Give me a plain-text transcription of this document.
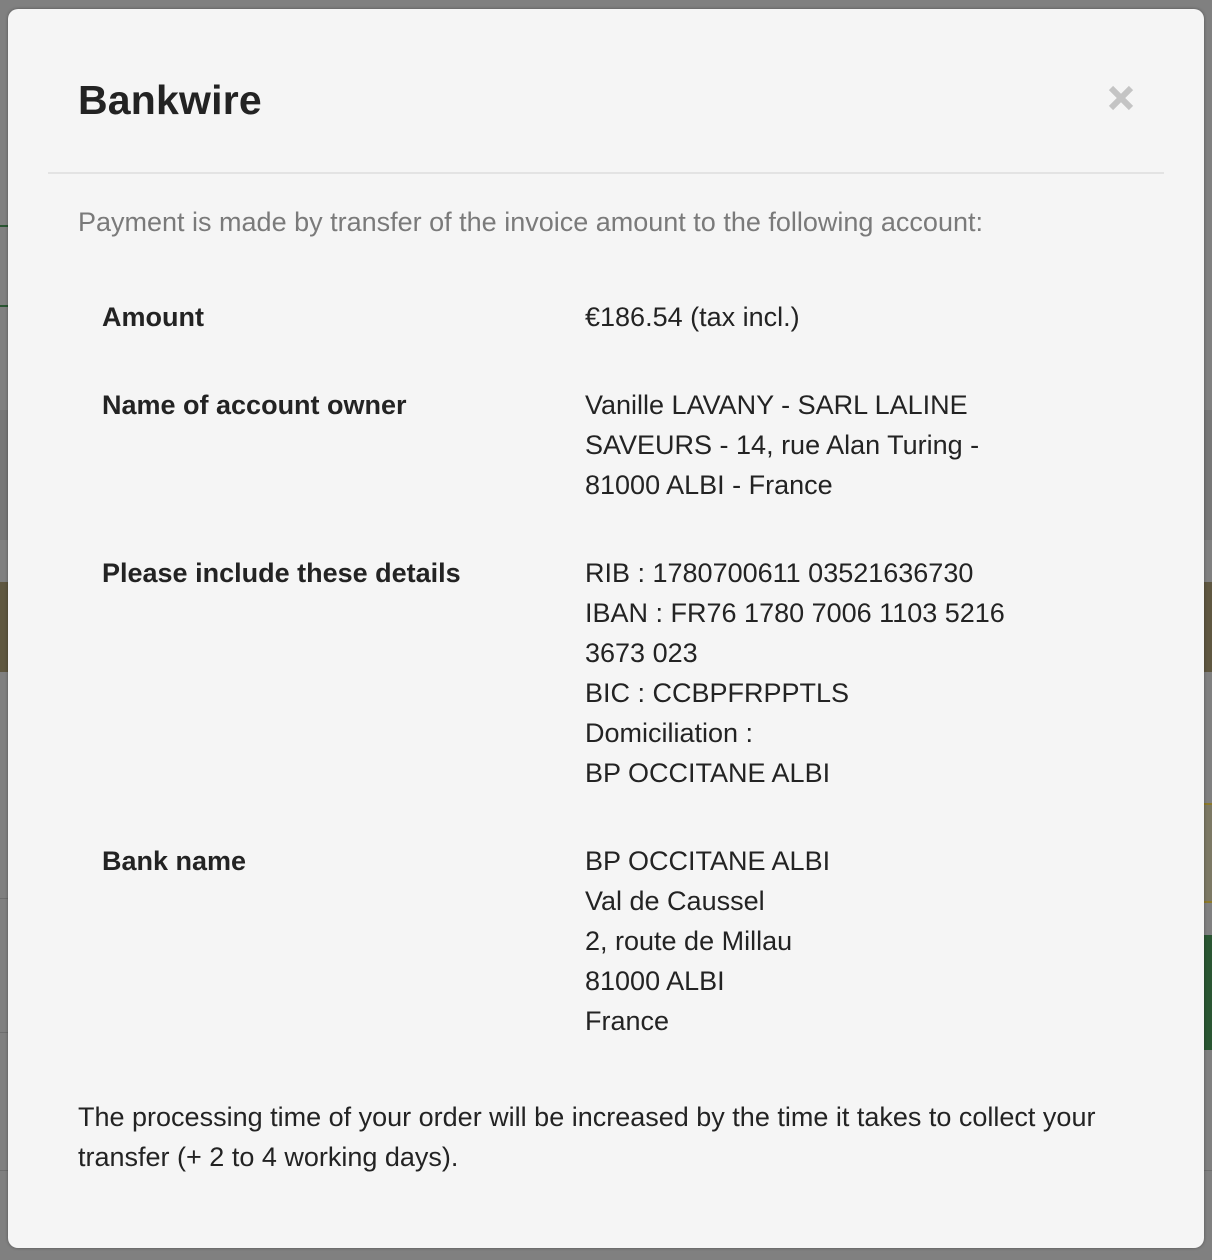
Bankwire

Payment is made by transfer of the invoice amount to the following account:

Amount	€186.54 (tax incl.)
Name of account owner	Vanille LAVANY - SARL LALINE
SAVEURS - 14, rue Alan Turing -
81000 ALBI - France
Please include these details	RIB : 1780700611 03521636730
IBAN : FR76 1780 7006 1103 5216
3673 023
BIC : CCBPFRPPTLS
Domiciliation :
BP OCCITANE ALBI
Bank name	BP OCCITANE ALBI
Val de Caussel
2, route de Millau
81000 ALBI
France

The processing time of your order will be increased by the time it takes to collect your transfer (+ 2 to 4 working days).
